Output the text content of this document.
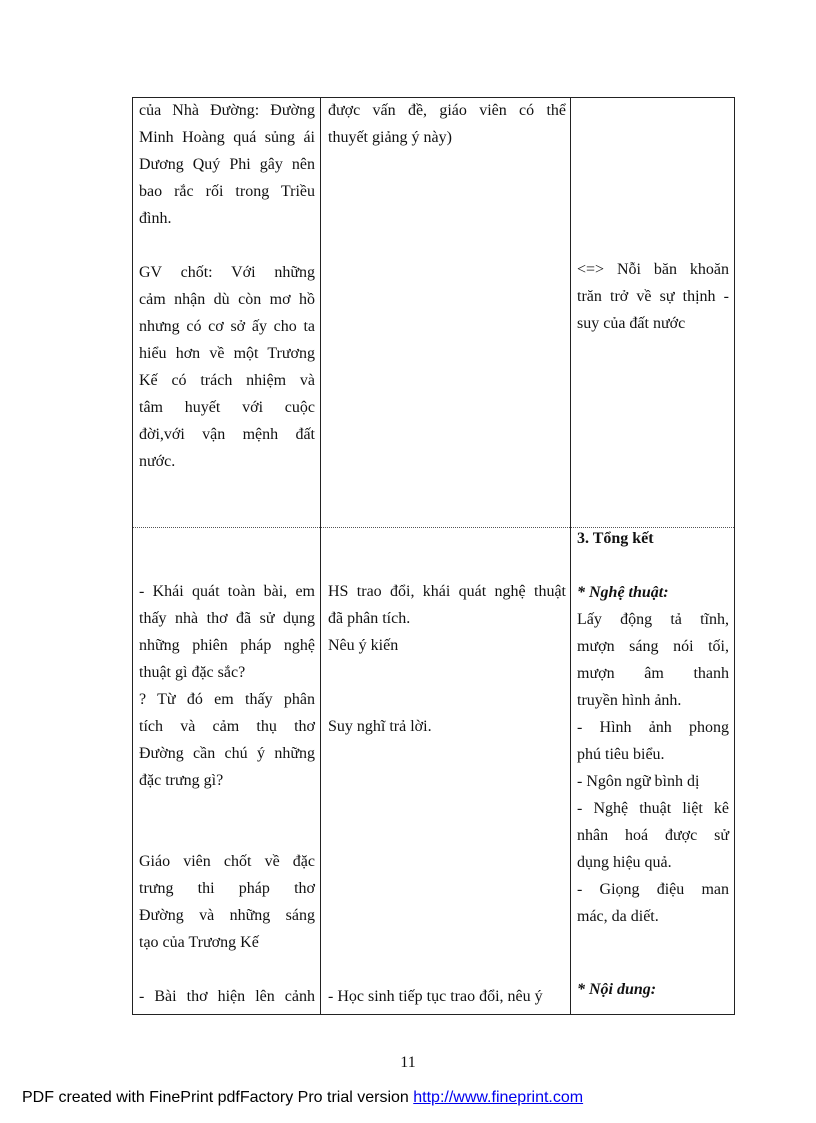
của Nhà Đường: Đường
Minh Hoàng quá sủng ái
Dương Quý Phi gây nên
bao rắc rối trong Triều
đình.
GV chốt: Với những
cảm nhận dù còn mơ hồ
nhưng có cơ sở ấy cho ta
hiểu hơn về một Trương
Kế có trách nhiệm và
tâm huyết với cuộc
đời,với vận mệnh đất
nước.
được vấn đề, giáo viên có thể
thuyết giảng ý này)
<=> Nỗi băn khoăn
trăn trở về sự thịnh -
suy của đất nước
- Khái quát toàn bài, em
thấy nhà thơ đã sử dụng
những phiên pháp nghệ
thuật gì đặc sắc?
? Từ đó em thấy phân
tích và cảm thụ thơ
Đường cần chú ý những
đặc trưng gì?
Giáo viên chốt về đặc
trưng thi pháp thơ
Đường và những sáng
tạo của Trương Kế
- Bài thơ hiện lên cảnh
HS trao đổi, khái quát nghệ thuật
đã phân tích.
Nêu ý kiến
Suy nghĩ trả lời.
- Học sinh tiếp tục trao đổi, nêu ý
3. Tổng kết
* Nghệ thuật:
Lấy động tả tĩnh,
mượn sáng nói tối,
mượn âm thanh
truyền hình ảnh.
- Hình ảnh phong
phú tiêu biểu.
- Ngôn ngữ bình dị
- Nghệ thuật liệt kê
nhân hoá được sử
dụng hiệu quả.
- Giọng điệu man
mác, da diết.
* Nội dung:
11
PDF created with FinePrint pdfFactory Pro trial version http://www.fineprint.com
